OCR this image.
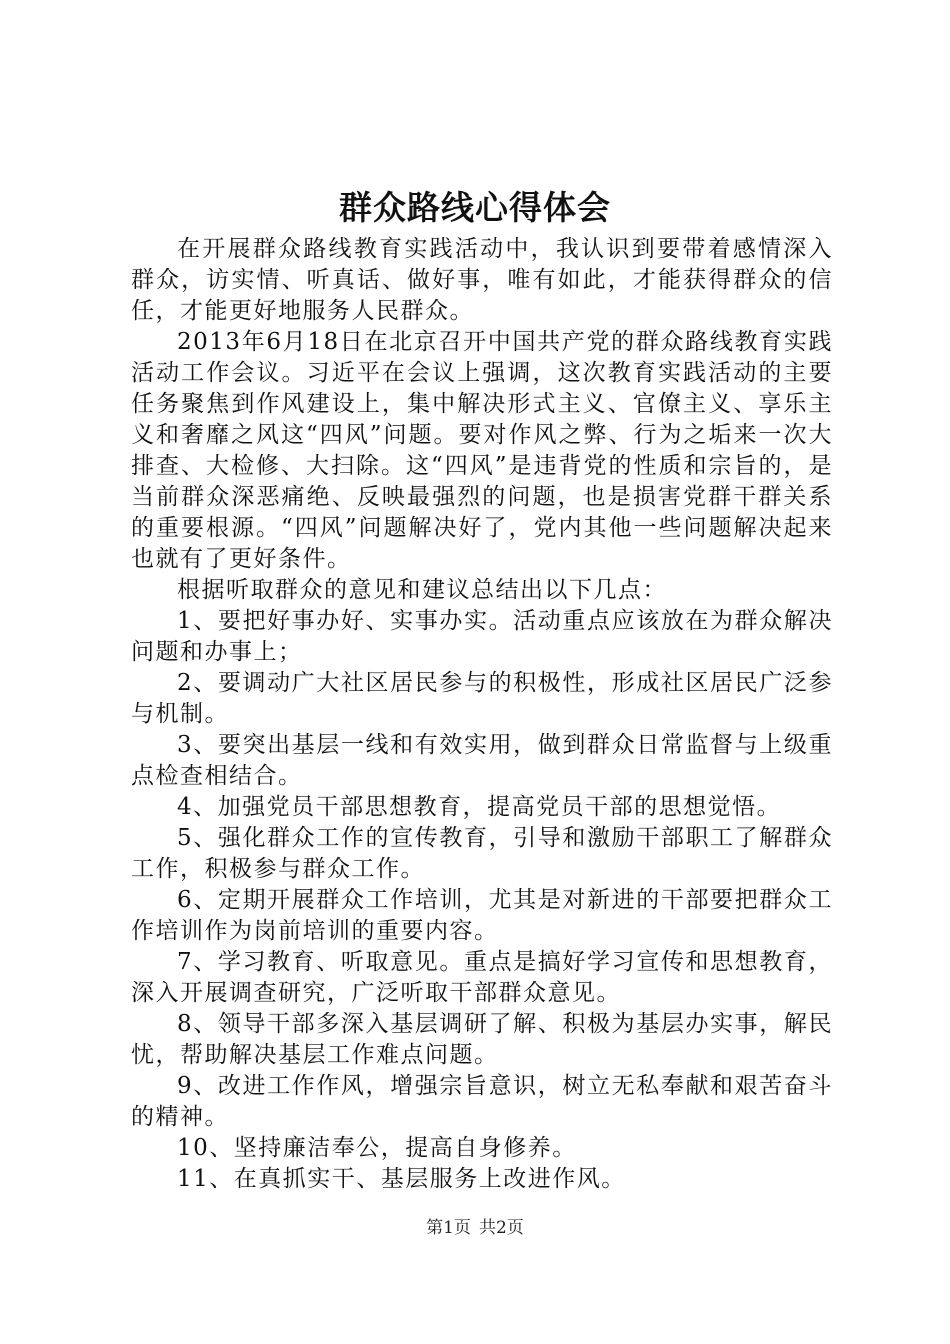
群众路线心得体会

在开展群众路线教育实践活动中，我认识到要带着感情深入群众，访实情、听真话、做好事，唯有如此，才能获得群众的信任，才能更好地服务人民群众。

2013年6月18日在北京召开中国共产党的群众路线教育实践活动工作会议。习近平在会议上强调，这次教育实践活动的主要任务聚焦到作风建设上，集中解决形式主义、官僚主义、享乐主义和奢靡之风这“四风”问题。要对作风之弊、行为之垢来一次大排查、大检修、大扫除。这“四风”是违背党的性质和宗旨的，是当前群众深恶痛绝、反映最强烈的问题，也是损害党群干群关系的重要根源。“四风”问题解决好了，党内其他一些问题解决起来也就有了更好条件。

根据听取群众的意见和建议总结出以下几点：

1、要把好事办好、实事办实。活动重点应该放在为群众解决问题和办事上；

2、要调动广大社区居民参与的积极性，形成社区居民广泛参与机制。

3、要突出基层一线和有效实用，做到群众日常监督与上级重点检查相结合。

4、加强党员干部思想教育，提高党员干部的思想觉悟。

5、强化群众工作的宣传教育，引导和激励干部职工了解群众工作，积极参与群众工作。

6、定期开展群众工作培训，尤其是对新进的干部要把群众工作培训作为岗前培训的重要内容。

7、学习教育、听取意见。重点是搞好学习宣传和思想教育，深入开展调查研究，广泛听取干部群众意见。

8、领导干部多深入基层调研了解、积极为基层办实事，解民忧，帮助解决基层工作难点问题。

9、改进工作作风，增强宗旨意识，树立无私奉献和艰苦奋斗的精神。

10、坚持廉洁奉公，提高自身修养。

11、在真抓实干、基层服务上改进作风。

第1页 共2页
